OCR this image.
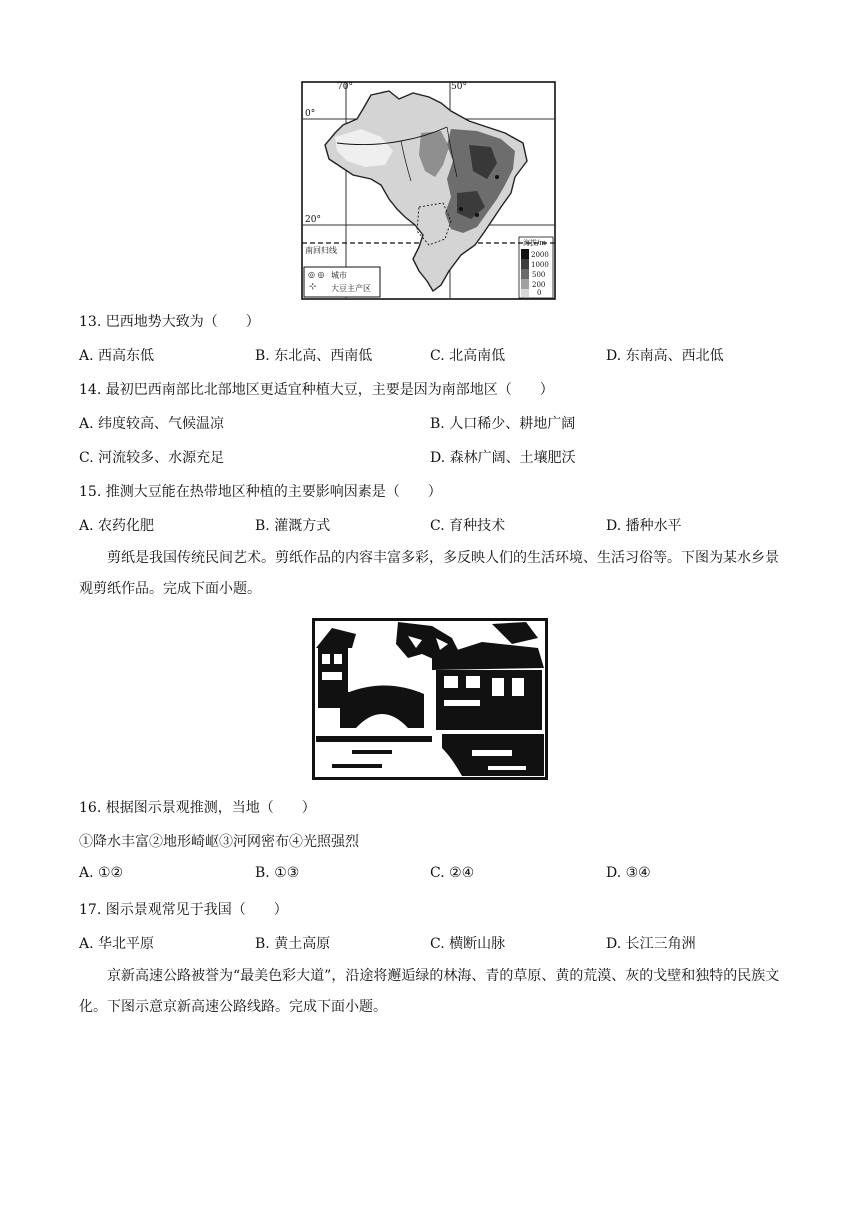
70°	50°
0°
20°
南回归线
海拔/m
2000
1000
500
200
0
◎ ◎ 城市
⊹ 大豆主产区
13. 巴西地势大致为（　　）
A. 西高东低	B. 东北高、西南低	C. 北高南低	D. 东南高、西北低
14. 最初巴西南部比北部地区更适宜种植大豆，主要是因为南部地区（　　）
A. 纬度较高、气候温凉	B. 人口稀少、耕地广阔
C. 河流较多、水源充足	D. 森林广阔、土壤肥沃
15. 推测大豆能在热带地区种植的主要影响因素是（　　）
A. 农药化肥	B. 灌溉方式	C. 育种技术	D. 播种水平
剪纸是我国传统民间艺术。剪纸作品的内容丰富多彩，多反映人们的生活环境、生活习俗等。下图为某水乡景观剪纸作品。完成下面小题。
16. 根据图示景观推测，当地（　　）
①降水丰富②地形崎岖③河网密布④光照强烈
A. ①②	B. ①③	C. ②④	D. ③④
17. 图示景观常见于我国（　　）
A. 华北平原	B. 黄土高原	C. 横断山脉	D. 长江三角洲
京新高速公路被誉为“最美色彩大道”，沿途将邂逅绿的林海、青的草原、黄的荒漠、灰的戈壁和独特的民族文化。下图示意京新高速公路线路。完成下面小题。
